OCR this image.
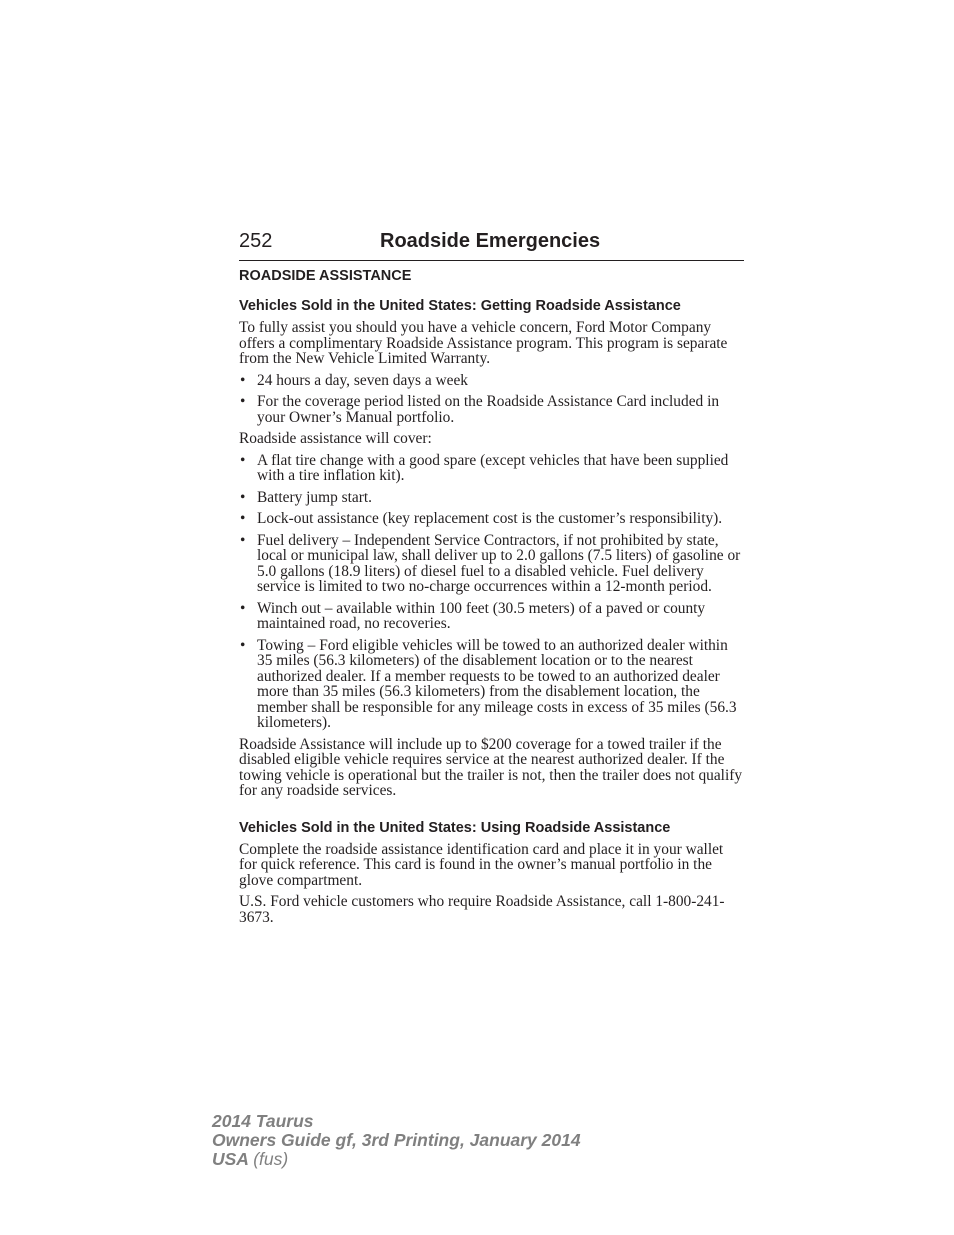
252	Roadside Emergencies
ROADSIDE ASSISTANCE
Vehicles Sold in the United States: Getting Roadside Assistance

To fully assist you should you have a vehicle concern, Ford Motor Company offers a complimentary Roadside Assistance program. This program is separate from the New Vehicle Limited Warranty.

• 24 hours a day, seven days a week
• For the coverage period listed on the Roadside Assistance Card included in your Owner’s Manual portfolio.

Roadside assistance will cover:

• A flat tire change with a good spare (except vehicles that have been supplied with a tire inflation kit).
• Battery jump start.
• Lock-out assistance (key replacement cost is the customer’s responsibility).
• Fuel delivery – Independent Service Contractors, if not prohibited by state, local or municipal law, shall deliver up to 2.0 gallons (7.5 liters) of gasoline or 5.0 gallons (18.9 liters) of diesel fuel to a disabled vehicle. Fuel delivery service is limited to two no-charge occurrences within a 12-month period.
• Winch out – available within 100 feet (30.5 meters) of a paved or county maintained road, no recoveries.
• Towing – Ford eligible vehicles will be towed to an authorized dealer within 35 miles (56.3 kilometers) of the disablement location or to the nearest authorized dealer. If a member requests to be towed to an authorized dealer more than 35 miles (56.3 kilometers) from the disablement location, the member shall be responsible for any mileage costs in excess of 35 miles (56.3 kilometers).

Roadside Assistance will include up to $200 coverage for a towed trailer if the disabled eligible vehicle requires service at the nearest authorized dealer. If the towing vehicle is operational but the trailer is not, then the trailer does not qualify for any roadside services.

Vehicles Sold in the United States: Using Roadside Assistance

Complete the roadside assistance identification card and place it in your wallet for quick reference. This card is found in the owner’s manual portfolio in the glove compartment.

U.S. Ford vehicle customers who require Roadside Assistance, call 1-800-241-3673.

2014 Taurus
Owners Guide gf, 3rd Printing, January 2014
USA (fus)
